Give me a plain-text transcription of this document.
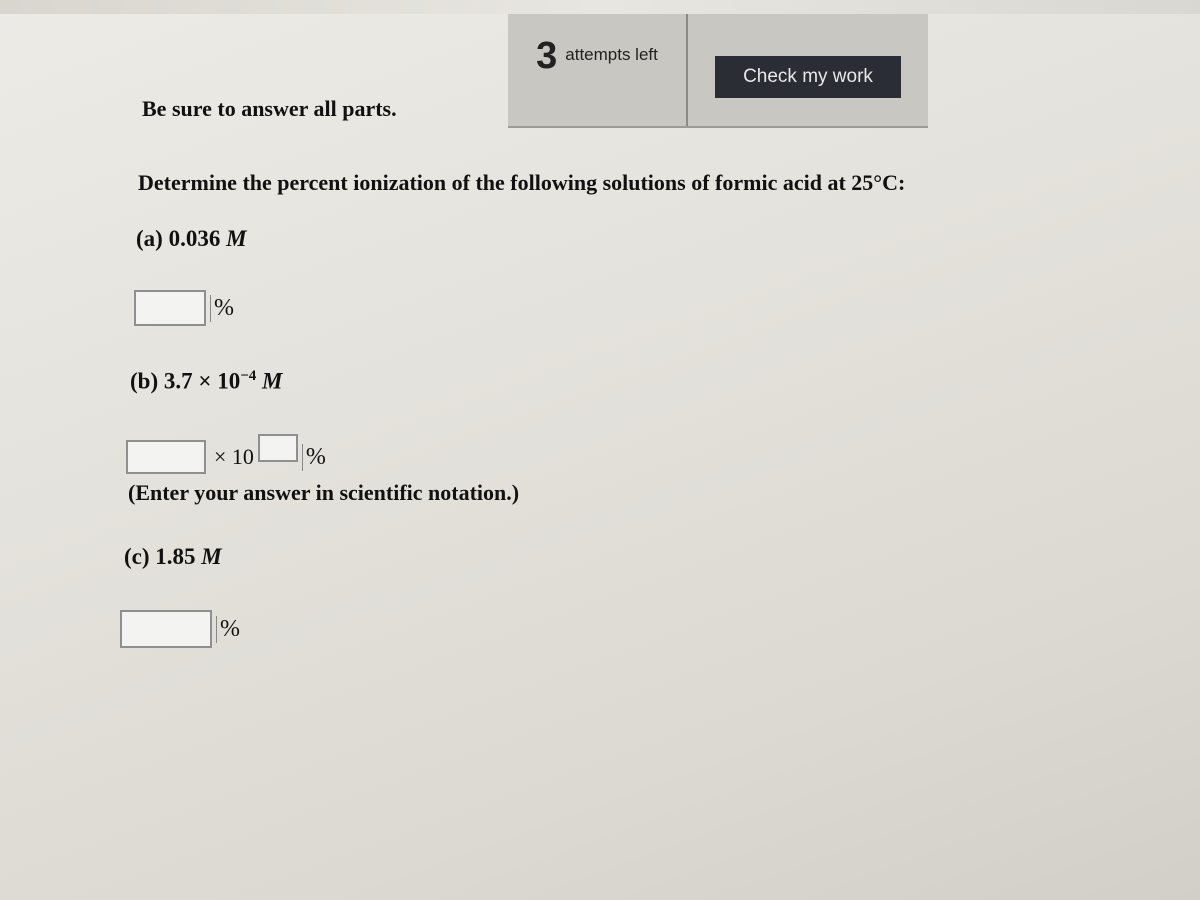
3 attempts left
Check my work
Be sure to answer all parts.
Determine the percent ionization of the following solutions of formic acid at 25°C:
(a) 0.036 M
%
(b) $3.7 \times 10^{-4}$ M
× 10 %
(Enter your answer in scientific notation.)
(c) 1.85 M
%
